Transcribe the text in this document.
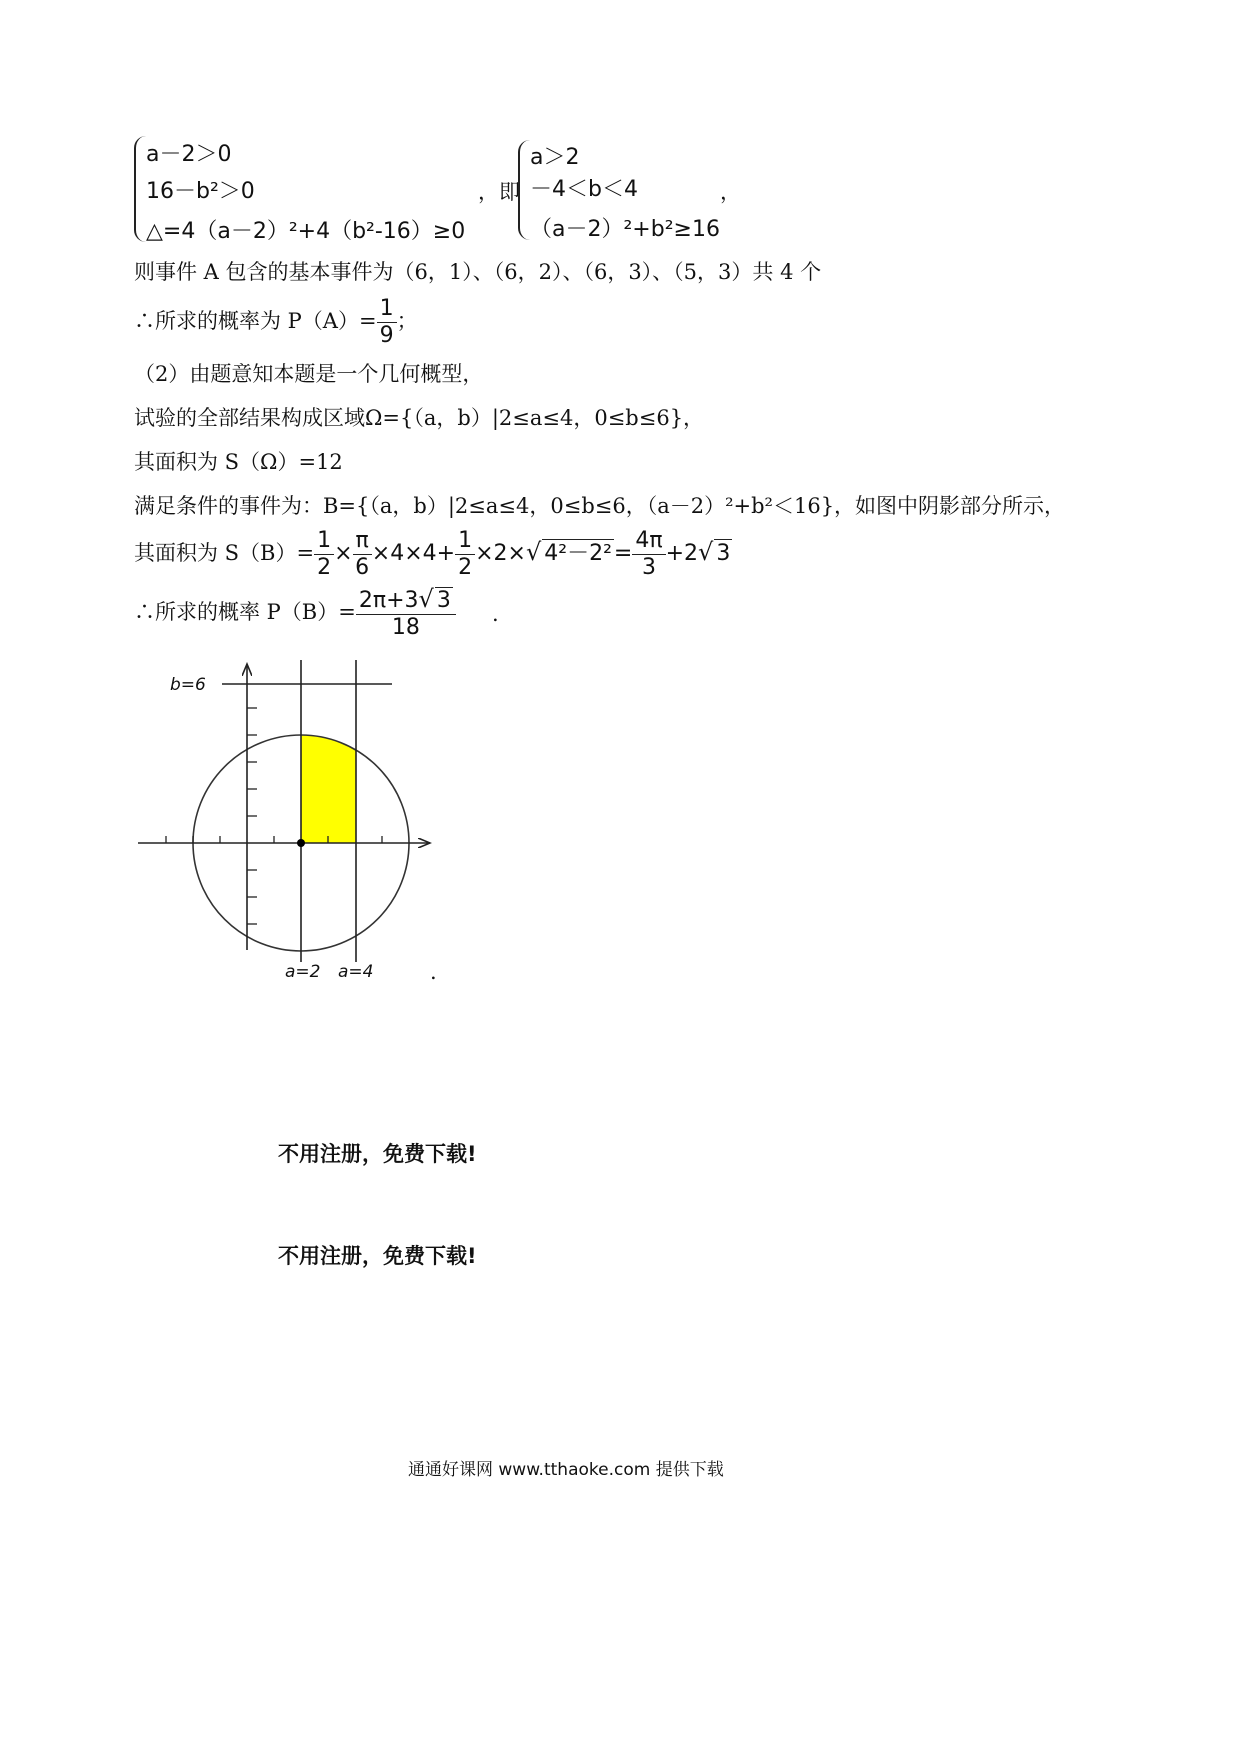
a－2＞0
16－b²＞0
△=4（a－2）²+4（b²-16）≥0
，即
a＞2
－4＜b＜4
（a－2）²+b²≥16
，
则事件 A 包含的基本事件为（6，1）、（6，2）、（6，3）、（5，3）共 4 个
∴所求的概率为 $P(A)= \frac{1}{9}$ ；
（2）由题意知本题是一个几何概型，
试验的全部结果构成区域Ω={（a，b）|2≤a≤4，0≤b≤6}，
其面积为 S（Ω）=12
满足条件的事件为：B={（a，b）|2≤a≤4，0≤b≤6，（a－2）²+b²＜16}，如图中阴影部分所示，
其面积为 $S(B)= \frac{1}{2} \times \frac{\pi}{6} \times 4\times 4+ \frac{1}{2} \times 2\times√$ $4^2-2^2= \frac{4\pi}{3} +2√$ 3
∴所求的概率 $P(B)= \frac{2\pi+3√ 3}{18}$ .
b=6
a=2 a=4	.
不用注册，免费下载!
不用注册，免费下载!
通通好课网 www.tthaoke.com 提供下载
